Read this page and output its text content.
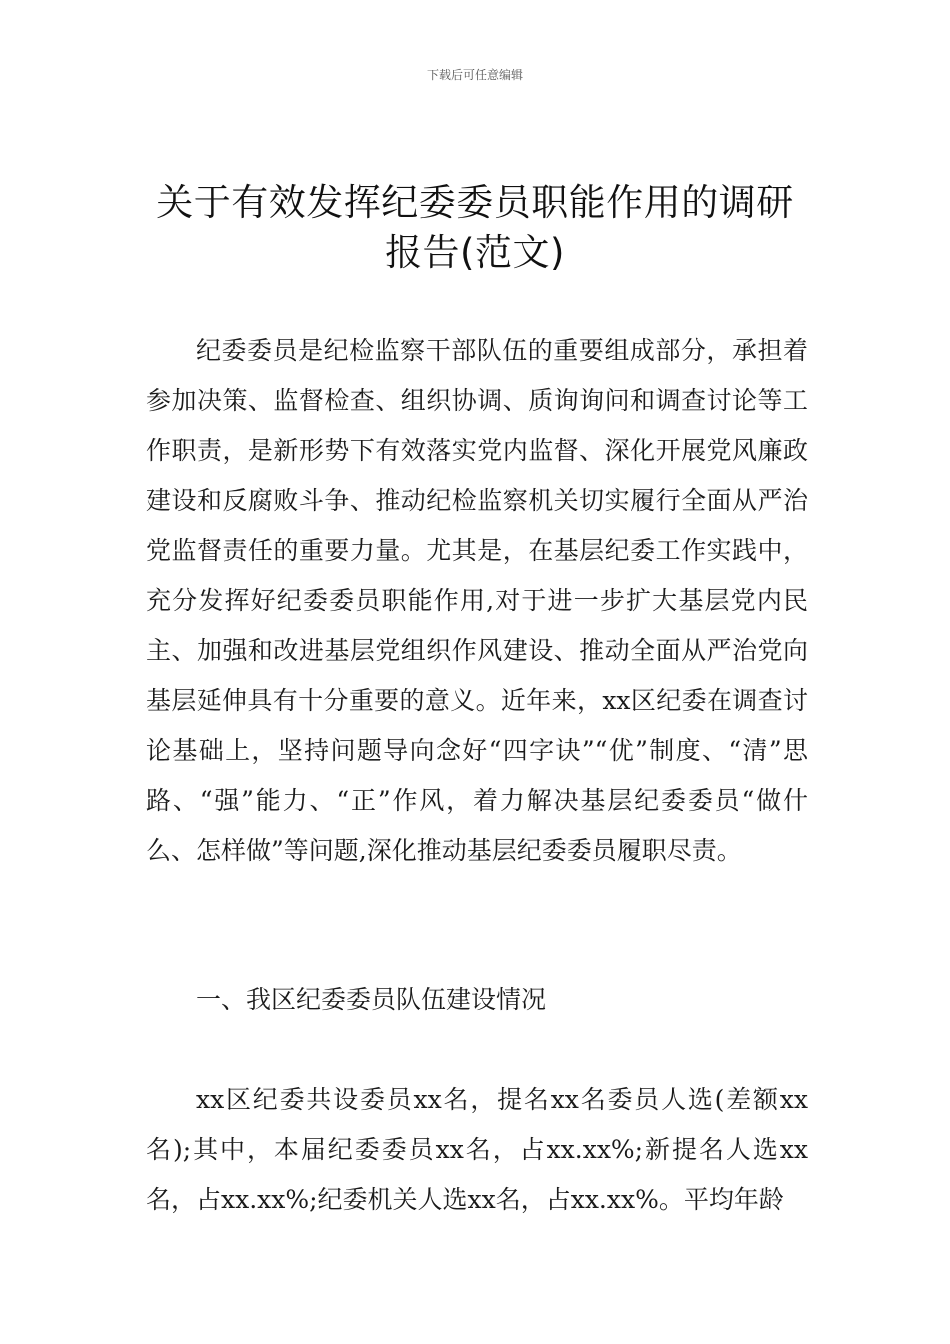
下载后可任意编辑
关于有效发挥纪委委员职能作用的调研报告(范文)

纪委委员是纪检监察干部队伍的重要组成部分，承担着参加决策、监督检查、组织协调、质询询问和调查讨论等工作职责，是新形势下有效落实党内监督、深化开展党风廉政建设和反腐败斗争、推动纪检监察机关切实履行全面从严治党监督责任的重要力量。尤其是，在基层纪委工作实践中，充分发挥好纪委委员职能作用,对于进一步扩大基层党内民主、加强和改进基层党组织作风建设、推动全面从严治党向基层延伸具有十分重要的意义。近年来，xx区纪委在调查讨论基础上，坚持问题导向念好“四字诀”“优”制度、“清”思路、“强”能力、“正”作风，着力解决基层纪委委员“做什么、怎样做”等问题,深化推动基层纪委委员履职尽责。

一、我区纪委委员队伍建设情况

xx区纪委共设委员xx名，提名xx名委员人选(差额xx名);其中，本届纪委委员xx名，占xx.xx%;新提名人选xx名，占xx.xx%;纪委机关人选xx名，占xx.xx%。平均年龄
